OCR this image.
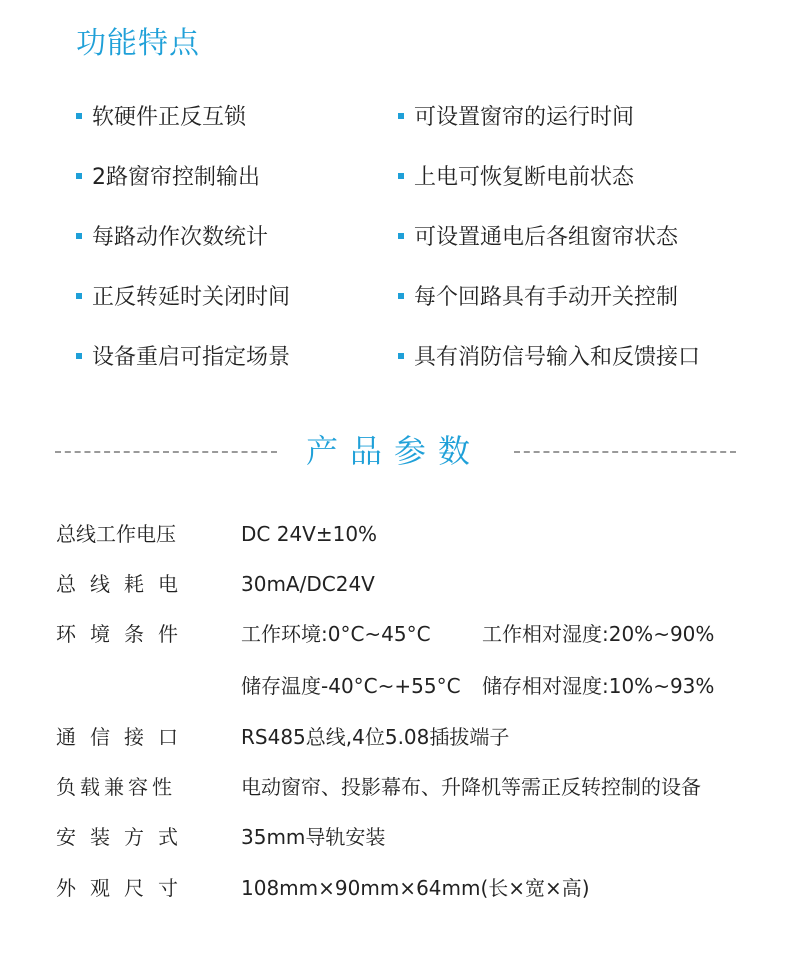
功能特点
软硬件正反互锁
2路窗帘控制输出
每路动作次数统计
正反转延时关闭时间
设备重启可指定场景
可设置窗帘的运行时间
上电可恢复断电前状态
可设置通电后各组窗帘状态
每个回路具有手动开关控制
具有消防信号输入和反馈接口
产品参数
总线工作电压	DC 24V±10%
总线耗电 30mA/DC24V
环境条件 工作环境:0°C~45°C	工作相对湿度:20%~90%
储存温度-40°C~+55°C 储存相对湿度:10%~93%
通信接口 RS485总线,4位5.08插拔端子
负载兼容性	电动窗帘、投影幕布、升降机等需正反转控制的设备
安装方式 35mm导轨安装
外观尺寸 108mm×90mm×64mm(长×宽×高)
